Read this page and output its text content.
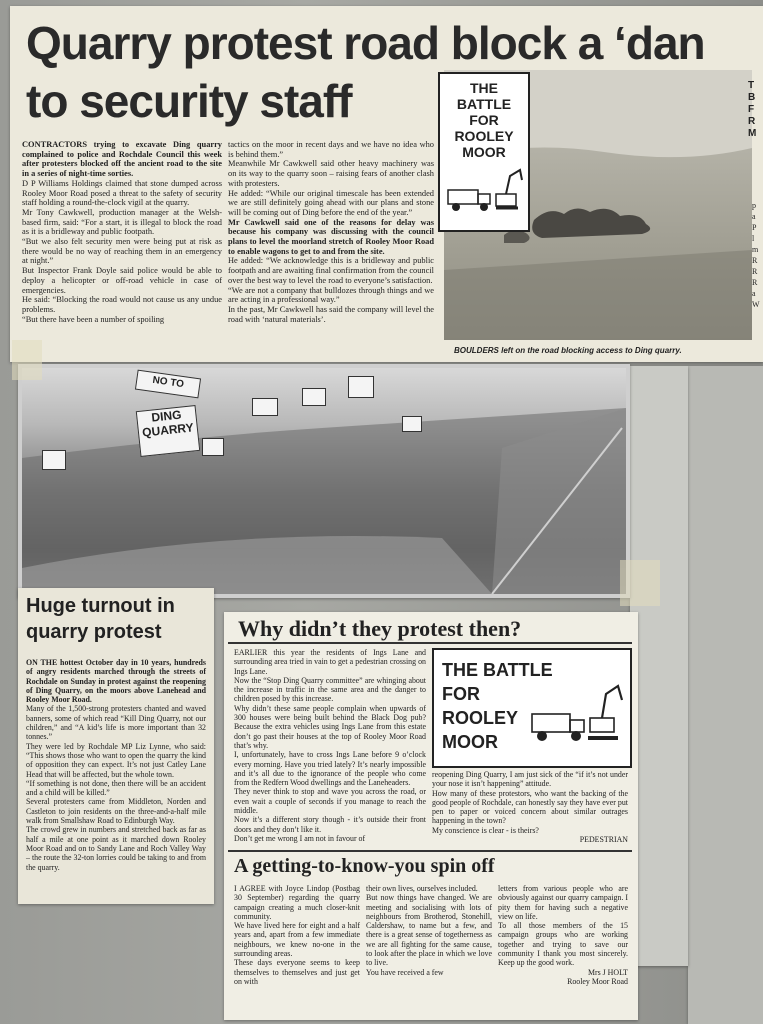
Quarry protest road block a ‘dan
to security staff

CONTRACTORS trying to excavate Ding quarry complained to police and Rochdale Council this week after protesters blocked off the ancient road to the site in a series of night-time sorties.

D P Williams Holdings claimed that stone dumped across Rooley Moor Road posed a threat to the safety of security staff holding a round-the-clock vigil at the quarry.

Mr Tony Cawkwell, production manager at the Welsh-based firm, said: “For a start, it is illegal to block the road as it is a bridleway and public footpath.

“But we also felt security men were being put at risk as there would be no way of reaching them in an emergency at night.”

But Inspector Frank Doyle said police would be able to deploy a helicopter or off-road vehicle in case of emergencies.

He said: “Blocking the road would not cause us any undue problems.

“But there have been a number of spoiling

tactics on the moor in recent days and we have no idea who is behind them.”

Meanwhile Mr Cawkwell said other heavy machinery was on its way to the quarry soon – raising fears of another clash with protesters.

He added: “While our original timescale has been extended we are still definitely going ahead with our plans and stone will be coming out of Ding before the end of the year.”

Mr Cawkwell said one of the reasons for delay was because his company was discussing with the council plans to level the moorland stretch of Rooley Moor Road to enable wagons to get to and from the site.

He added: “We acknowledge this is a bridleway and public footpath and are awaiting final confirmation from the council over the best way to level the road to everyone’s satisfaction.

“We are not a company that bulldozes through things and we are acting in a professional way.”

In the past, Mr Cawkwell has said the company will level the road with ‘natural materials’.

THE
BATTLE
FOR
ROOLEY
MOOR
BOULDERS left on the road blocking access to Ding quarry.
DING QUARRY
NO TO
Huge turnout in
quarry protest

ON THE hottest October day in 10 years, hundreds of angry residents marched through the streets of Rochdale on Sunday in protest against the reopening of Ding Quarry, on the moors above Lanehead and Rooley Moor Road.

Many of the 1,500-strong protesters chanted and waved banners, some of which read “Kill Ding Quarry, not our children,” and “A kid’s life is more important than 32 tonnes.”

They were led by Rochdale MP Liz Lynne, who said: “This shows those who want to open the quarry the kind of opposition they can expect. It’s not just Catley Lane Head that will be affected, but the whole town.

“If something is not done, then there will be an accident and a child will be killed.”

Several protesters came from Middleton, Norden and Castleton to join residents on the three-and-a-half mile walk from Smallshaw Road to Edinburgh Way.

The crowd grew in numbers and stretched back as far as half a mile at one point as it marched down Rooley Moor Road and on to Sandy Lane and Roch Valley Way – the route the 32-ton lorries could be taking to and from the quarry.

Why didn’t they protest then?

EARLIER this year the residents of Ings Lane and surrounding area tried in vain to get a pedestrian crossing on Ings Lane.

Now the “Stop Ding Quarry committee” are whinging about the increase in traffic in the same area and the danger to children posed by this increase.

Why didn’t these same people complain when upwards of 300 houses were being built behind the Black Dog pub? Because the extra vehicles using Ings Lane from this estate don’t go past their houses at the top of Rooley Moor Road that’s why.

I, unfortunately, have to cross Ings Lane before 9 o’clock every morning. Have you tried lately? It’s nearly impossible and it’s all due to the ignorance of the people who come from the Redfern Wood dwellings and the Laneheaders.

They never think to stop and wave you across the road, or even wait a couple of seconds if you manage to reach the middle.

Now it’s a different story though - it’s outside their front doors and they don’t like it.

Don’t get me wrong I am not in favour of

THE BATTLE
FOR
ROOLEY
MOOR

reopening Ding Quarry, I am just sick of the “if it’s not under your nose it isn’t happening” attitude.

How many of these protestors, who want the backing of the good people of Rochdale, can honestly say they have ever put pen to paper or voiced concern about similar outrages happening in the town?

My conscience is clear - is theirs?

PEDESTRIAN

A getting-to-know-you spin off

I AGREE with Joyce Lindop (Postbag 30 September) regarding the quarry campaign creating a much closer-knit community.

We have lived here for eight and a half years and, apart from a few immediate neighbours, we knew no-one in the surrounding areas.

These days everyone seems to keep themselves to themselves and just get on with

their own lives, ourselves included.

But now things have changed. We are meeting and socialising with lots of neighbours from Brotherod, Stonehill, Caldershaw, to name but a few, and there is a great sense of togetherness as we are all fighting for the same cause, to look after the place in which we love to live.

You have received a few

letters from various people who are obviously against our quarry campaign. I pity them for having such a negative view on life.

To all those members of the 15 campaign groups who are working together and trying to save our community I thank you most sincerely. Keep up the good work.

Mrs J HOLT

Rooley Moor Road

T
B
F
R
M
p
a
P
l
m
R
R
R
a
W
